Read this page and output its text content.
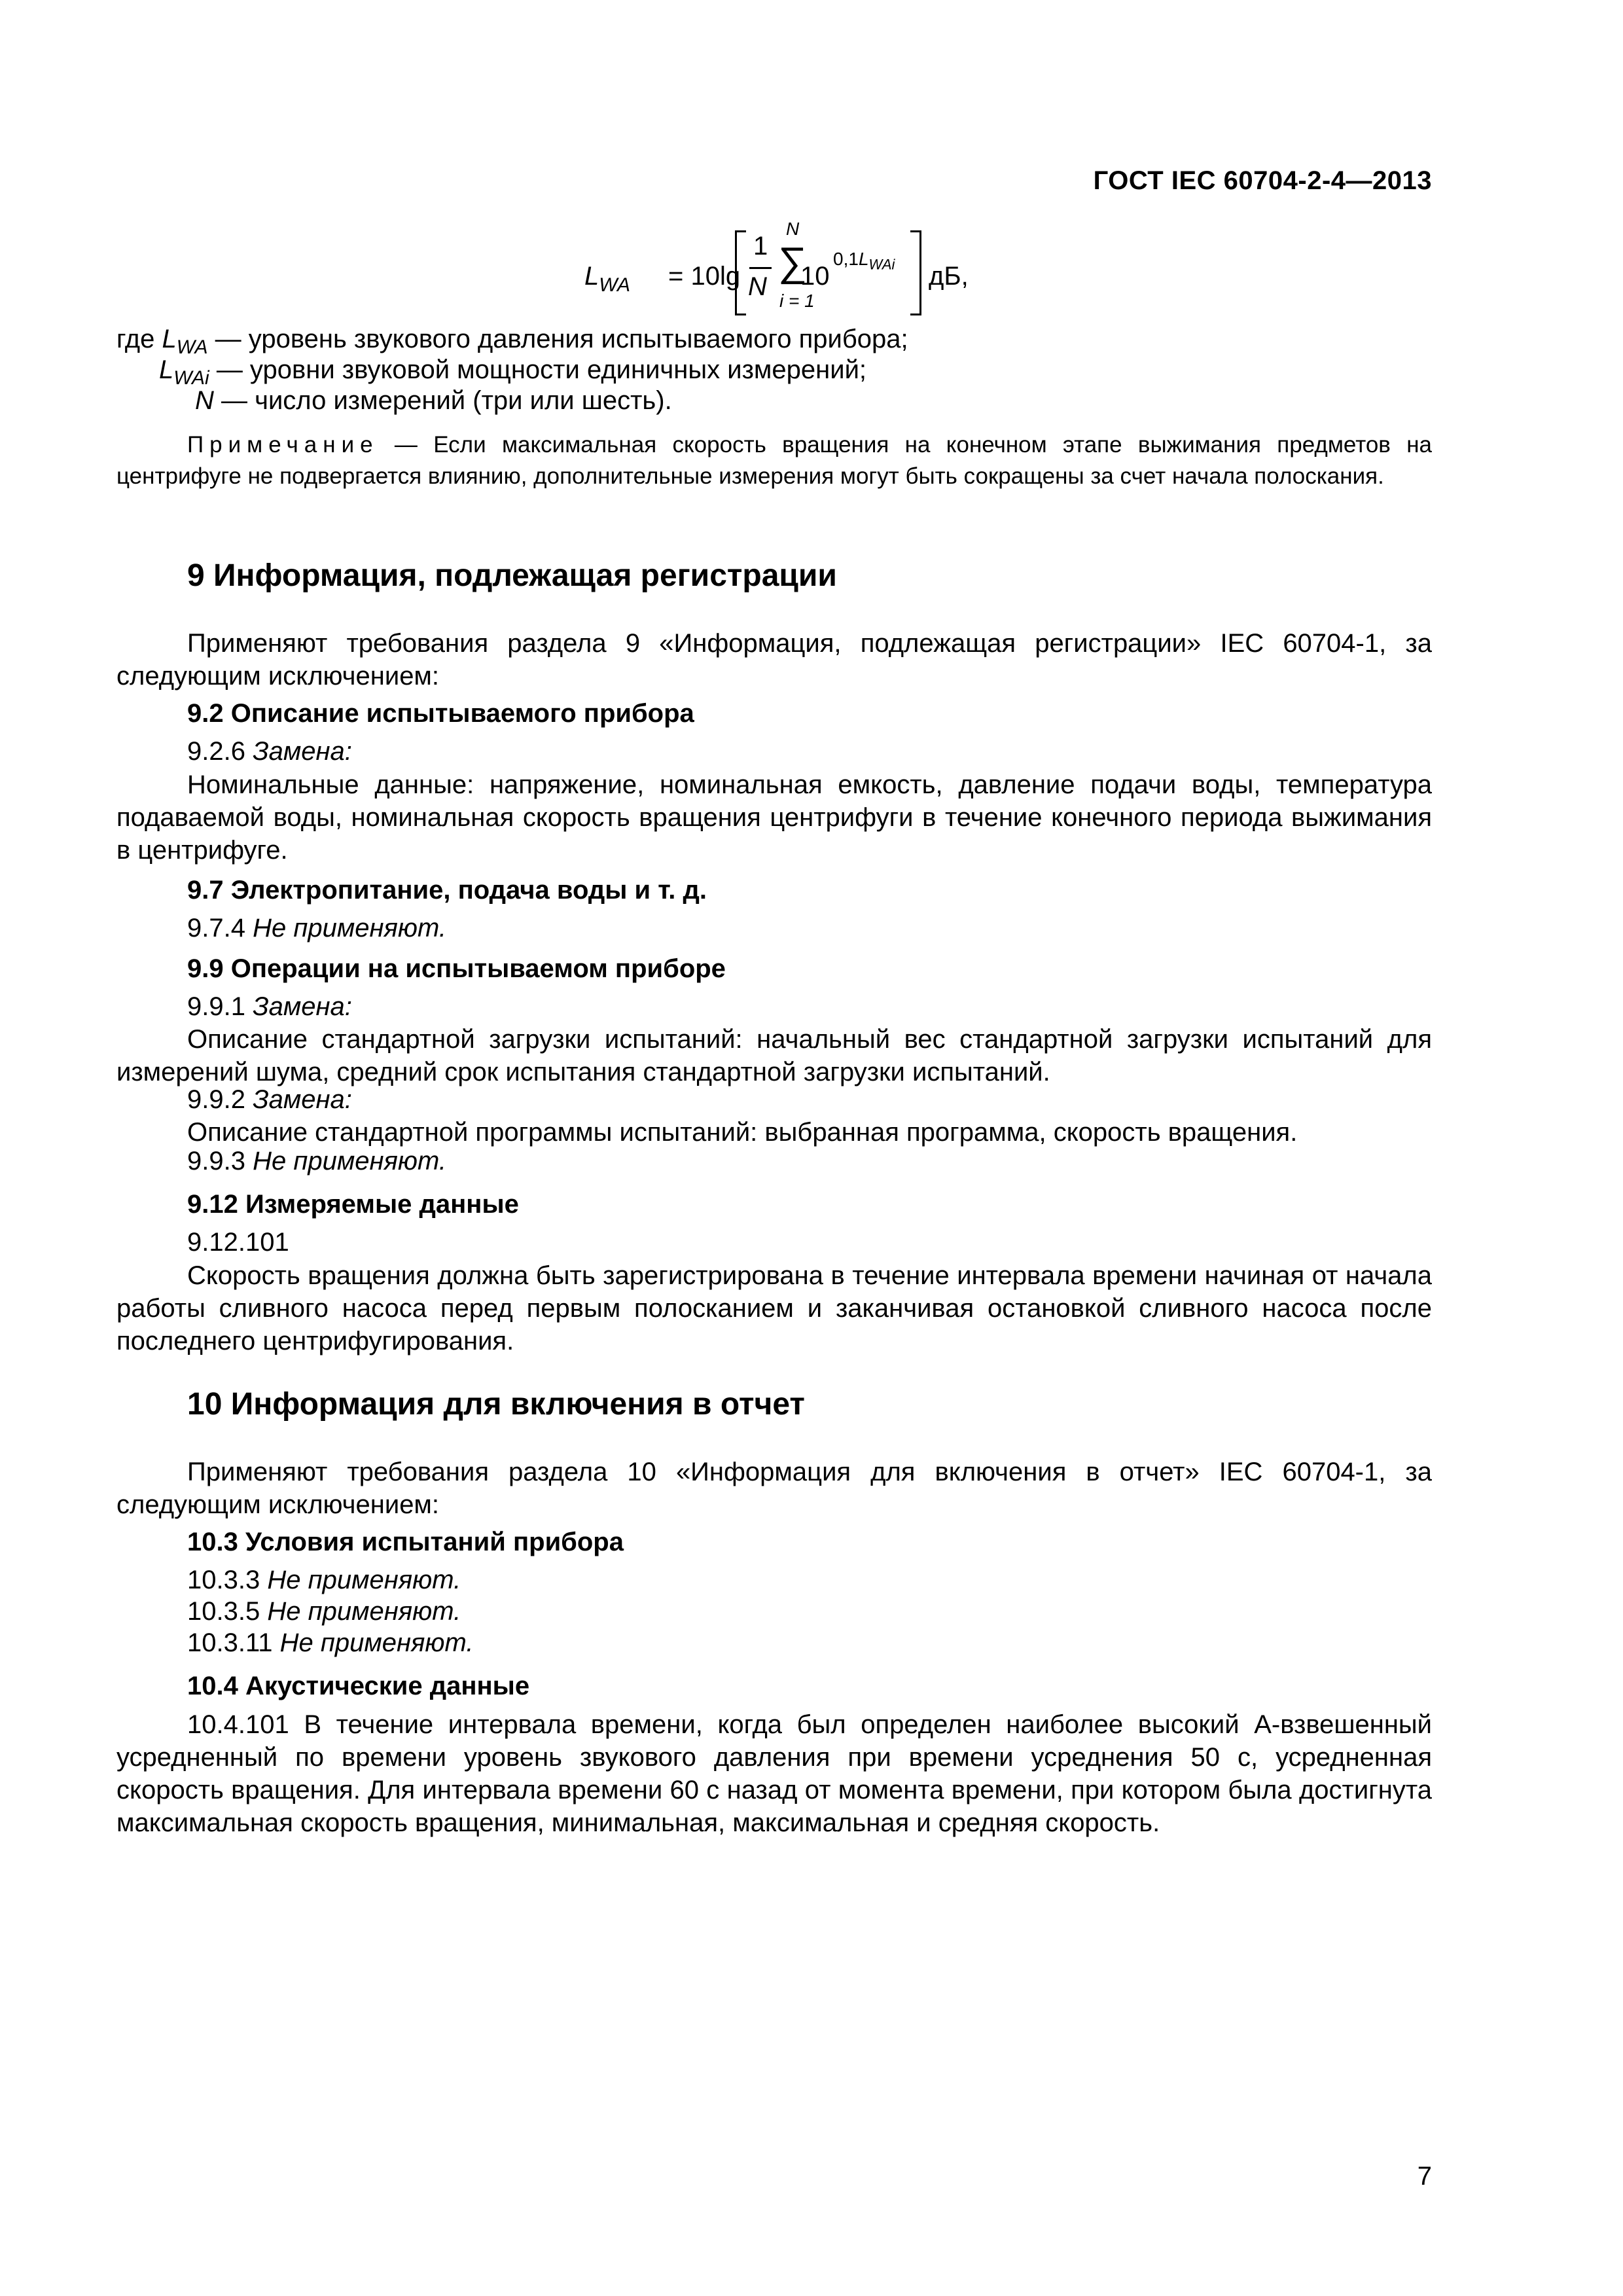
ГОСТ IEC 60704-2-4—2013
$L_{WA} = 10\lg$
1
N
N
∑
i = 1
10
$0,1L_{WAi}$ дБ,
где $L_{WA}$ — уровень звукового давления испытываемого прибора;
$L_{WAi}$ — уровни звуковой мощности единичных измерений;
N — число измерений (три или шесть).
Примечание — Если максимальная скорость вращения на конечном этапе выжимания предметов на центрифуге не подвергается влиянию, дополнительные измерения могут быть сокращены за счет начала полоскания.
9 Информация, подлежащая регистрации
Применяют требования раздела 9 «Информация, подлежащая регистрации» IEC 60704-1, за следующим исключением:
9.2 Описание испытываемого прибора
9.2.6 Замена:
Номинальные данные: напряжение, номинальная емкость, давление подачи воды, температура подаваемой воды, номинальная скорость вращения центрифуги в течение конечного периода выжимания в центрифуге.
9.7 Электропитание, подача воды и т. д.
9.7.4 Не применяют.
9.9 Операции на испытываемом приборе
9.9.1 Замена:
Описание стандартной загрузки испытаний: начальный вес стандартной загрузки испытаний для измерений шума, средний срок испытания стандартной загрузки испытаний.
9.9.2 Замена:
Описание стандартной программы испытаний: выбранная программа, скорость вращения.
9.9.3 Не применяют.
9.12 Измеряемые данные
9.12.101
Скорость вращения должна быть зарегистрирована в течение интервала времени начиная от начала работы сливного насоса перед первым полосканием и заканчивая остановкой сливного насоса после последнего центрифугирования.
10 Информация для включения в отчет
Применяют требования раздела 10 «Информация для включения в отчет» IEC 60704-1, за следующим исключением:
10.3 Условия испытаний прибора
10.3.3 Не применяют.
10.3.5 Не применяют.
10.3.11 Не применяют.
10.4 Акустические данные
10.4.101 В течение интервала времени, когда был определен наиболее высокий А-взвешенный усредненный по времени уровень звукового давления при времени усреднения 50 с, усредненная скорость вращения. Для интервала времени 60 с назад от момента времени, при котором была достигнута максимальная скорость вращения, минимальная, максимальная и средняя скорость.
7
